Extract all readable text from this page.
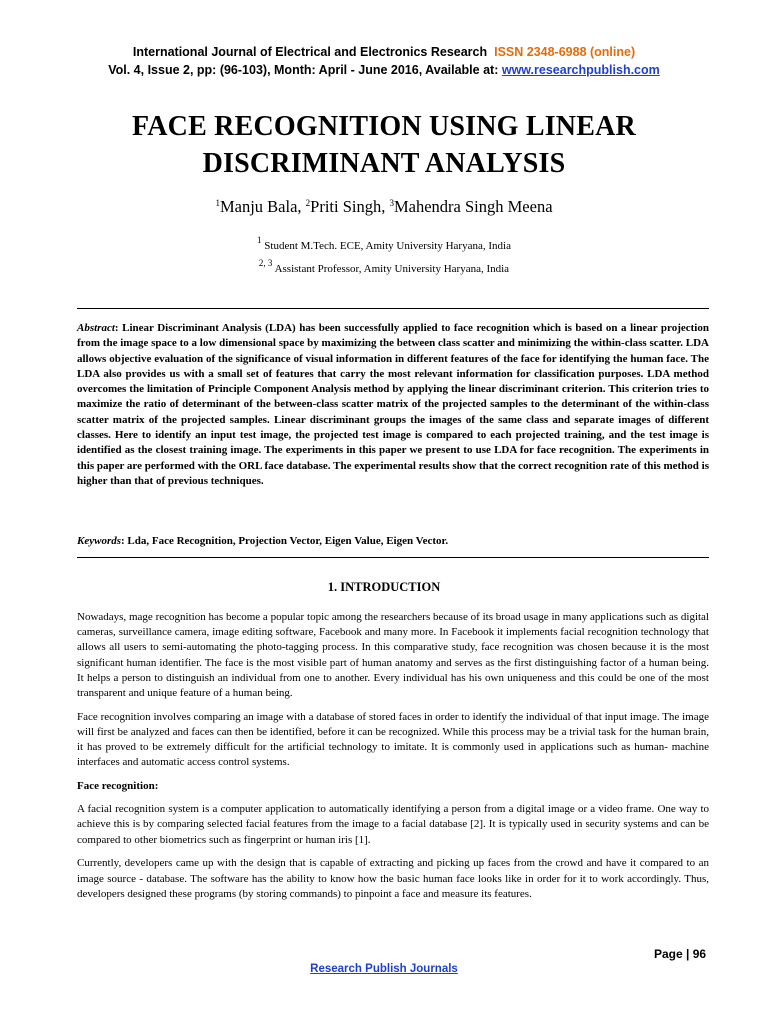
International Journal of Electrical and Electronics Research ISSN 2348-6988 (online)
Vol. 4, Issue 2, pp: (96-103), Month: April - June 2016, Available at: www.researchpublish.com
FACE RECOGNITION USING LINEAR DISCRIMINANT ANALYSIS
$^1$Manju Bala, $^2$Priti Singh, $^3$Mahendra Singh Meena
$^1$ Student M.Tech. ECE, Amity University Haryana, India
$^{2, 3}$ Assistant Professor, Amity University Haryana, India
Abstract: Linear Discriminant Analysis (LDA) has been successfully applied to face recognition which is based on a linear projection from the image space to a low dimensional space by maximizing the between class scatter and minimizing the within-class scatter. LDA allows objective evaluation of the significance of visual information in different features of the face for identifying the human face. The LDA also provides us with a small set of features that carry the most relevant information for classification purposes. LDA method overcomes the limitation of Principle Component Analysis method by applying the linear discriminant criterion. This criterion tries to maximize the ratio of determinant of the between-class scatter matrix of the projected samples to the determinant of the within-class scatter matrix of the projected samples. Linear discriminant groups the images of the same class and separate images of different classes. Here to identify an input test image, the projected test image is compared to each projected training, and the test image is identified as the closest training image. The experiments in this paper we present to use LDA for face recognition. The experiments in this paper are performed with the ORL face database. The experimental results show that the correct recognition rate of this method is higher than that of previous techniques.
Keywords: Lda, Face Recognition, Projection Vector, Eigen Value, Eigen Vector.
1. INTRODUCTION

Nowadays, mage recognition has become a popular topic among the researchers because of its broad usage in many applications such as digital cameras, surveillance camera, image editing software, Facebook and many more. In Facebook it implements facial recognition technology that allows all users to semi-automating the photo-tagging process. In this comparative study, face recognition was chosen because it is the most significant human identifier. The face is the most visible part of human anatomy and serves as the first distinguishing factor of a human being. It helps a person to distinguish an individual from one to another. Every individual has his own uniqueness and this could be one of the most transparent and unique feature of a human being.

Face recognition involves comparing an image with a database of stored faces in order to identify the individual of that input image. The image will first be analyzed and faces can then be identified, before it can be recognized. While this process may be a trivial task for the human brain, it has proved to be extremely difficult for the artificial technology to imitate. It is commonly used in applications such as human- machine interfaces and automatic access control systems.

Face recognition:

A facial recognition system is a computer application to automatically identifying a person from a digital image or a video frame. One way to achieve this is by comparing selected facial features from the image to a facial database [2]. It is typically used in security systems and can be compared to other biometrics such as fingerprint or human iris [1].

Currently, developers came up with the design that is capable of extracting and picking up faces from the crowd and have it compared to an image source - database. The software has the ability to know how the basic human face looks like in order for it to work accordingly. Thus, developers designed these programs (by storing commands) to pinpoint a face and measure its features.

Page | 96
Research Publish Journals
